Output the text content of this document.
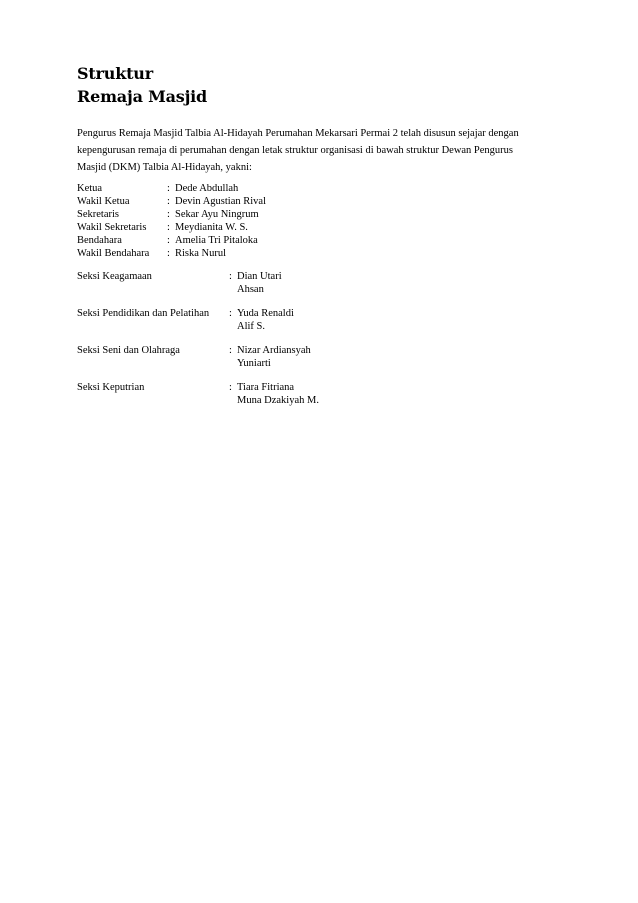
Struktur
Remaja Masjid
Pengurus Remaja Masjid Talbia Al-Hidayah Perumahan Mekarsari Permai 2 telah disusun sejajar dengan
kepengurusan remaja di perumahan dengan letak struktur organisasi di bawah struktur Dewan Pengurus
Masjid (DKM) Talbia Al-Hidayah, yakni:
Ketua	: Dede Abdullah
Wakil Ketua	: Devin Agustian Rival
Sekretaris	: Sekar Ayu Ningrum
Wakil Sekretaris : Meydianita W. S.
Bendahara	: Amelia Tri Pitaloka
Wakil Bendahara : Riska Nurul
Seksi Keagamaan	: Dian Utari
Ahsan
Seksi Pendidikan dan Pelatihan : Yuda Renaldi
Alif S.
Seksi Seni dan Olahraga	: Nizar Ardiansyah
Yuniarti
Seksi Keputrian	: Tiara Fitriana
Muna Dzakiyah M.
